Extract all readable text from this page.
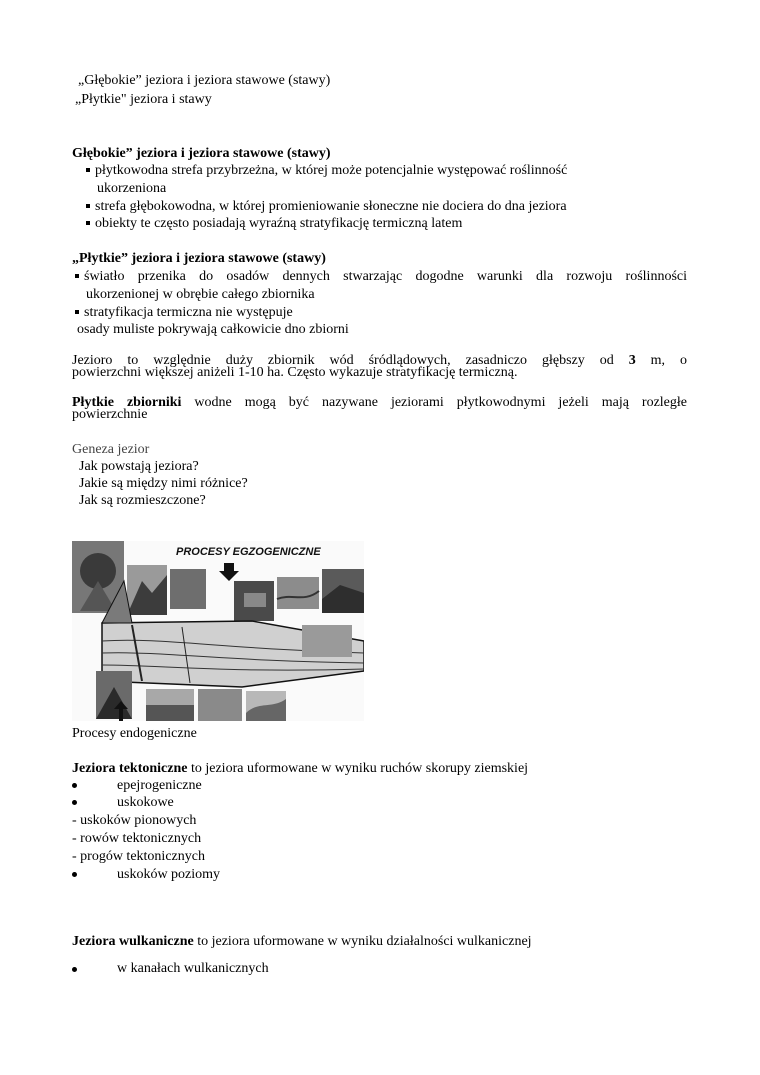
„Głębokie” jeziora i jeziora stawowe (stawy)
„Płytkie" jeziora i stawy
Głębokie” jeziora i jeziora stawowe (stawy)
płytkowodna strefa przybrzeżna, w której może potencjalnie występować roślinność
ukorzeniona
strefa głębokowodna, w której promieniowanie słoneczne nie dociera do dna jeziora
obiekty te często posiadają wyraźną stratyfikację termiczną latem
„Płytkie” jeziora i jeziora stawowe (stawy)
światło przenika do osadów dennych stwarzając dogodne warunki dla rozwoju roślinności
ukorzenionej w obrębie całego zbiornika
stratyfikacja termiczna nie występuje
osady muliste pokrywają całkowicie dno zbiorni
Jezioro to względnie duży zbiornik wód śródlądowych, zasadniczo głębszy od 3 m, o
powierzchni większej aniżeli 1-10 ha. Często wykazuje stratyfikację termiczną.
Płytkie zbiorniki wodne mogą być nazywane jeziorami płytkowodnymi jeżeli mają rozległe
powierzchnie
Geneza jezior
Jak powstają jeziora?
Jakie są między nimi różnice?
Jak są rozmieszczone?
PROCESY EGZOGENICZNE
Procesy endogeniczne
Jeziora tektoniczne to jeziora uformowane w wyniku ruchów skorupy ziemskiej
epejrogeniczne
uskokowe
- uskoków pionowych
- rowów tektonicznych
- progów tektonicznych
uskoków poziomy
Jeziora wulkaniczne to jeziora uformowane w wyniku działalności wulkanicznej
w kanałach wulkanicznych
